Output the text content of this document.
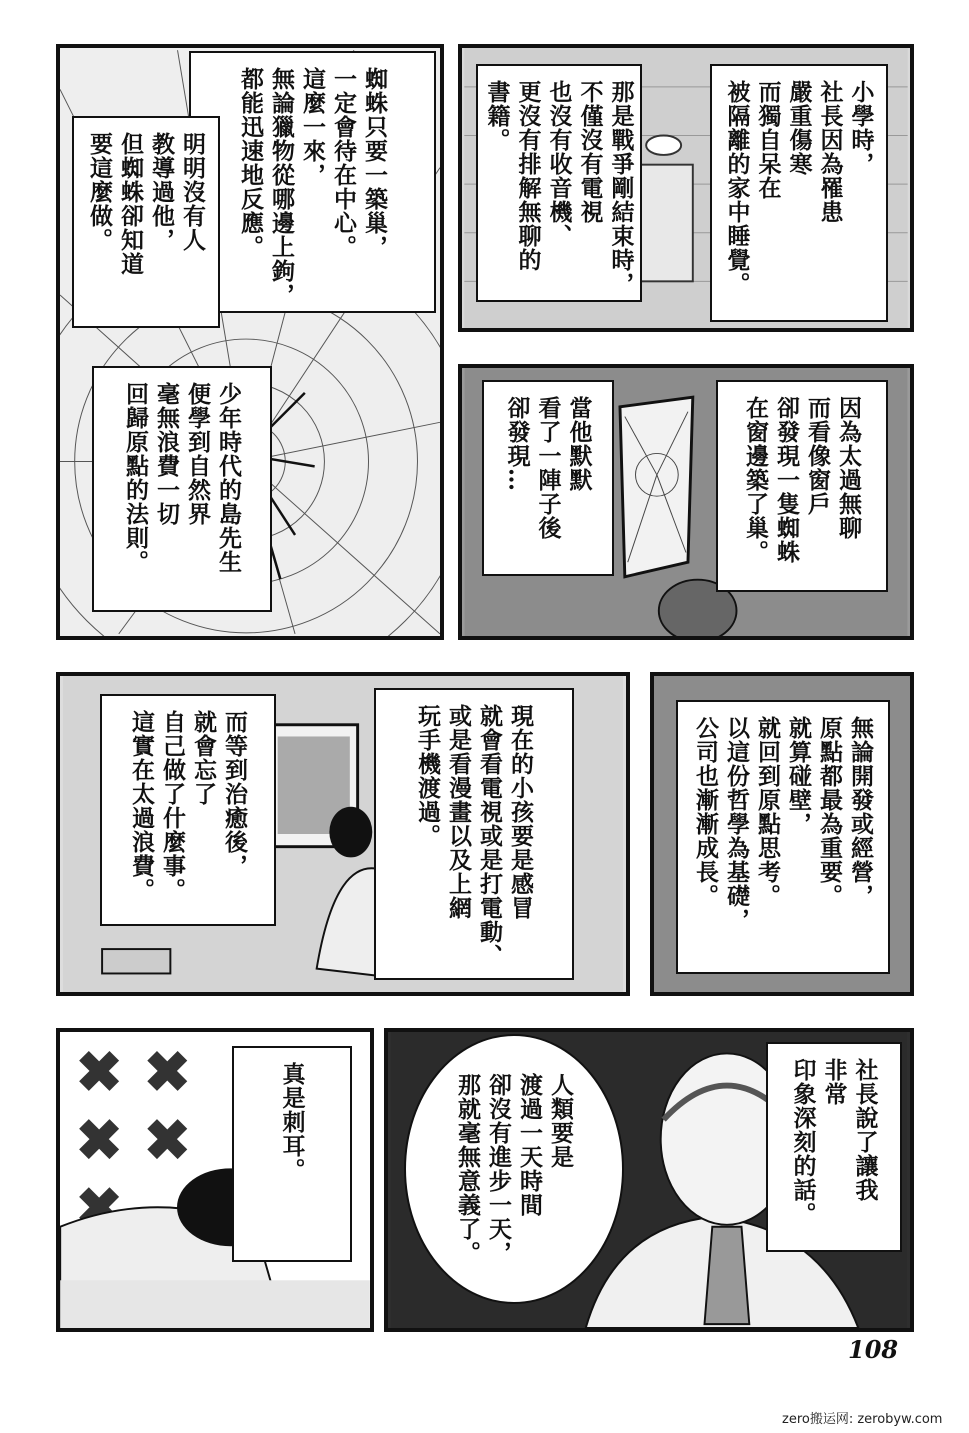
蜘蛛只要一築巢，
一定會待在中心。
這麼一來，
無論獵物從哪邊上鉤，
都能迅速地反應。
明明沒有人
教導過他，
但蜘蛛卻知道
要這麼做。
少年時代的島先生
便學到自然界
毫無浪費一切
回歸原點的法則。
小學時，
社長因為罹患
嚴重傷寒
而獨自呆在
被隔離的家中睡覺。
那是戰爭剛結束時，
不僅沒有電視
也沒有收音機、
更沒有排解無聊的
書籍。
因為太過無聊
而看像窗戶
卻發現一隻蜘蛛
在窗邊築了巢。
當他默默
看了一陣子後
卻發現…
現在的小孩要是感冒
就會看電視或是打電動、
或是看漫畫以及上網
玩手機渡過。
而等到治癒後，
就會忘了
自己做了什麼事。
這實在太過浪費。	無論開發或經營，
原點都最為重要。
就算碰壁，
就回到原點思考。
以這份哲學為基礎，
公司也漸漸成長。
真是刺耳。	人類要是
渡過一天時間
卻沒有進步一天，
那就毫無意義了。	社長說了讓我
非常
印象深刻的話。
108
zero搬运网: zerobyw.com
